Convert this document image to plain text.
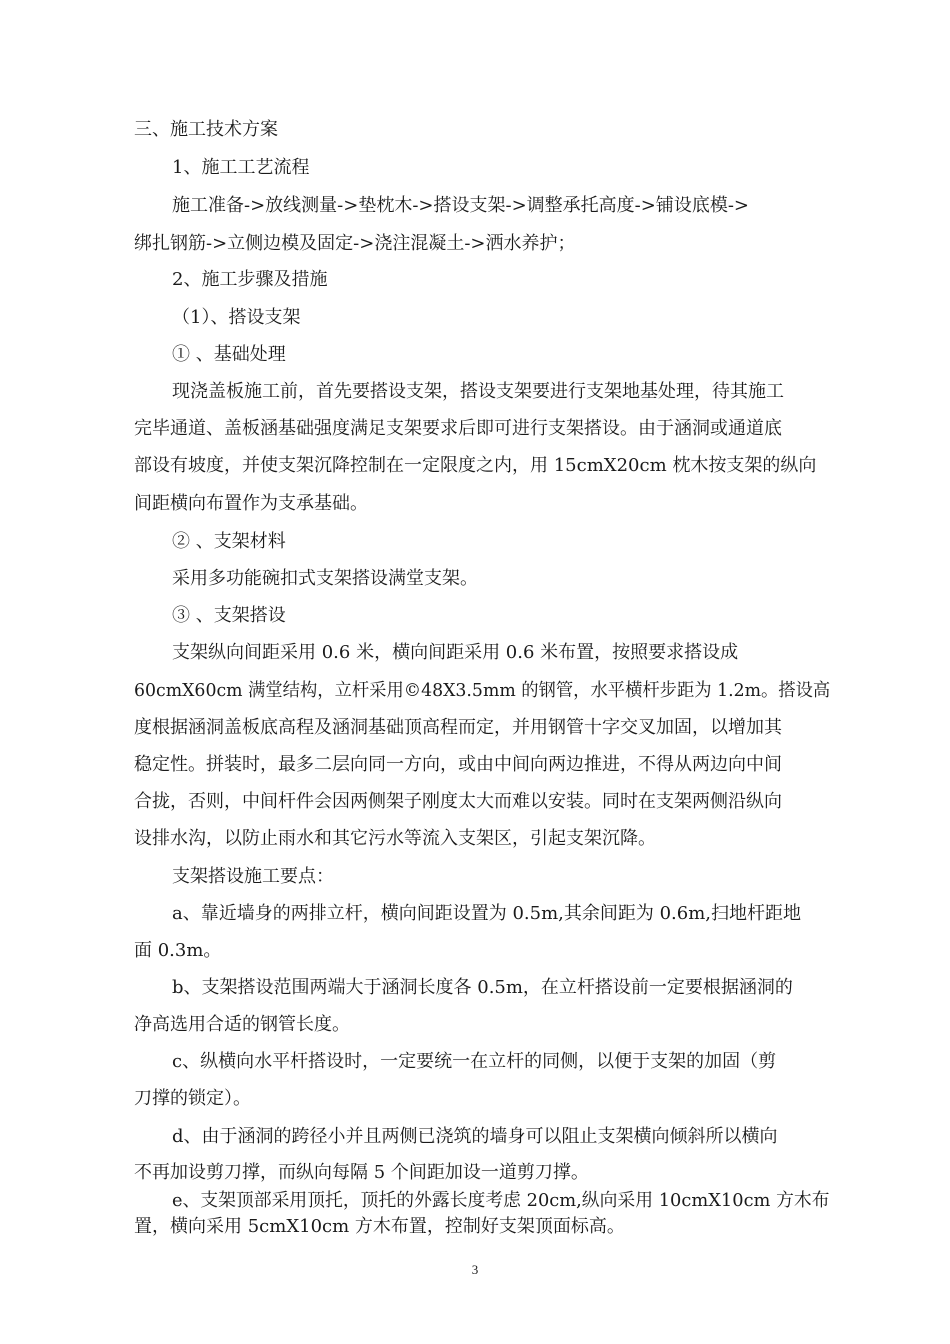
三、施工技术方案
1、施工工艺流程
施工准备->放线测量->垫枕木->搭设支架->调整承托高度->铺设底模->
绑扎钢筋->立侧边模及固定->浇注混凝土->洒水养护；
2、施工步骤及措施
（1）、搭设支架
① 、基础处理
现浇盖板施工前，首先要搭设支架，搭设支架要进行支架地基处理，待其施工
完毕通道、盖板涵基础强度满足支架要求后即可进行支架搭设。由于涵洞或通道底
部设有坡度，并使支架沉降控制在一定限度之内，用 15cmX20cm 枕木按支架的纵向
间距横向布置作为支承基础。
② 、支架材料
采用多功能碗扣式支架搭设满堂支架。
③ 、支架搭设
支架纵向间距采用 0.6 米，横向间距采用 0.6 米布置，按照要求搭设成
60cmX60cm 满堂结构，立杆采用©48X3.5mm 的钢管，水平横杆步距为 1.2m。搭设高
度根据涵洞盖板底高程及涵洞基础顶高程而定，并用钢管十字交叉加固，以增加其
稳定性。拼装时，最多二层向同一方向，或由中间向两边推进，不得从两边向中间
合拢，否则，中间杆件会因两侧架子刚度太大而难以安装。同时在支架两侧沿纵向
设排水沟，以防止雨水和其它污水等流入支架区，引起支架沉降。
支架搭设施工要点：
a、靠近墙身的两排立杆，横向间距设置为 0.5m,其余间距为 0.6m,扫地杆距地
面 0.3m。
b、支架搭设范围两端大于涵洞长度各 0.5m，在立杆搭设前一定要根据涵洞的
净高选用合适的钢管长度。
c、纵横向水平杆搭设时，一定要统一在立杆的同侧，以便于支架的加固（剪
刀撑的锁定）。
d、由于涵洞的跨径小并且两侧已浇筑的墙身可以阻止支架横向倾斜所以横向
不再加设剪刀撑，而纵向每隔 5 个间距加设一道剪刀撑。
e、支架顶部采用顶托，顶托的外露长度考虑 20cm,纵向采用 10cmX10cm 方木布
置，横向采用 5cmX10cm 方木布置，控制好支架顶面标高。
3
